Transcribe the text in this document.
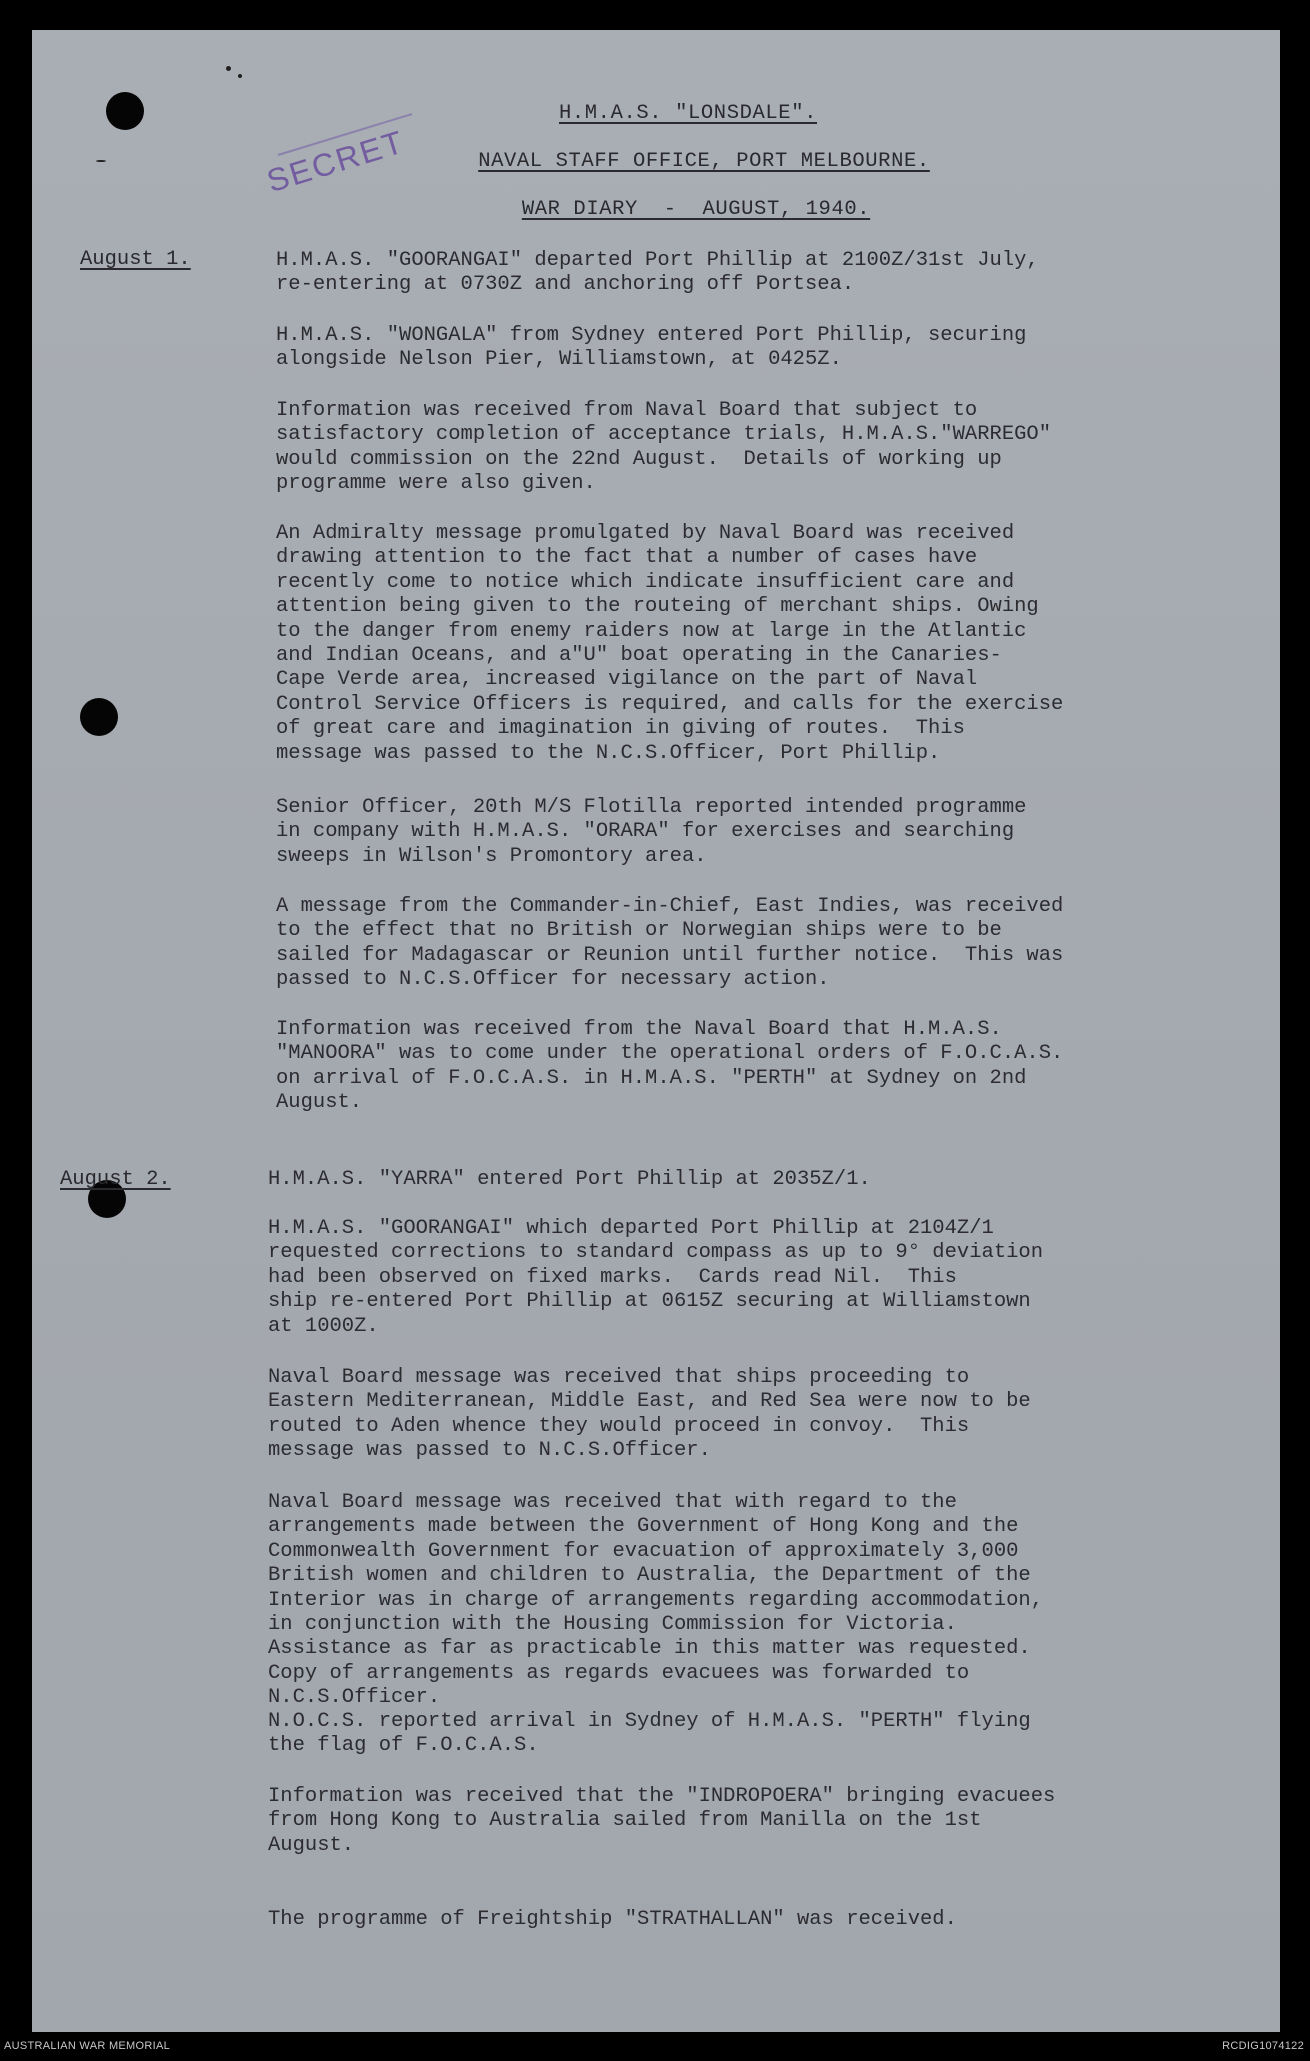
H.M.A.S. "LONSDALE".
NAVAL STAFF OFFICE, PORT MELBOURNE.
WAR DIARY  -  AUGUST, 1940.
SECRET
August 1.
August 2.

H.M.A.S. "GOORANGAI" departed Port Phillip at 2100Z/31st July,
re-entering at 0730Z and anchoring off Portsea.

H.M.A.S. "WONGALA" from Sydney entered Port Phillip, securing
alongside Nelson Pier, Williamstown, at 0425Z.

Information was received from Naval Board that subject to
satisfactory completion of acceptance trials, H.M.A.S."WARREGO"
would commission on the 22nd August.  Details of working up
programme were also given.

An Admiralty message promulgated by Naval Board was received
drawing attention to the fact that a number of cases have
recently come to notice which indicate insufficient care and
attention being given to the routeing of merchant ships. Owing
to the danger from enemy raiders now at large in the Atlantic
and Indian Oceans, and a"U" boat operating in the Canaries-
Cape Verde area, increased vigilance on the part of Naval
Control Service Officers is required, and calls for the exercise
of great care and imagination in giving of routes.  This
message was passed to the N.C.S.Officer, Port Phillip.

Senior Officer, 20th M/S Flotilla reported intended programme
in company with H.M.A.S. "ORARA" for exercises and searching
sweeps in Wilson's Promontory area.

A message from the Commander-in-Chief, East Indies, was received
to the effect that no British or Norwegian ships were to be
sailed for Madagascar or Reunion until further notice.  This was
passed to N.C.S.Officer for necessary action.

Information was received from the Naval Board that H.M.A.S.
"MANOORA" was to come under the operational orders of F.O.C.A.S.
on arrival of F.O.C.A.S. in H.M.A.S. "PERTH" at Sydney on 2nd
August.

H.M.A.S. "YARRA" entered Port Phillip at 2035Z/1.

H.M.A.S. "GOORANGAI" which departed Port Phillip at 2104Z/1
requested corrections to standard compass as up to 9° deviation
had been observed on fixed marks.  Cards read Nil.  This
ship re-entered Port Phillip at 0615Z securing at Williamstown
at 1000Z.

Naval Board message was received that ships proceeding to
Eastern Mediterranean, Middle East, and Red Sea were now to be
routed to Aden whence they would proceed in convoy.  This
message was passed to N.C.S.Officer.

Naval Board message was received that with regard to the
arrangements made between the Government of Hong Kong and the
Commonwealth Government for evacuation of approximately 3,000
British women and children to Australia, the Department of the
Interior was in charge of arrangements regarding accommodation,
in conjunction with the Housing Commission for Victoria.
Assistance as far as practicable in this matter was requested.
Copy of arrangements as regards evacuees was forwarded to
N.C.S.Officer.

N.O.C.S. reported arrival in Sydney of H.M.A.S. "PERTH" flying
the flag of F.O.C.A.S.

Information was received that the "INDROPOERA" bringing evacuees
from Hong Kong to Australia sailed from Manilla on the 1st
August.

The programme of Freightship "STRATHALLAN" was received.

AUSTRALIAN WAR MEMORIAL	RCDIG1074122
